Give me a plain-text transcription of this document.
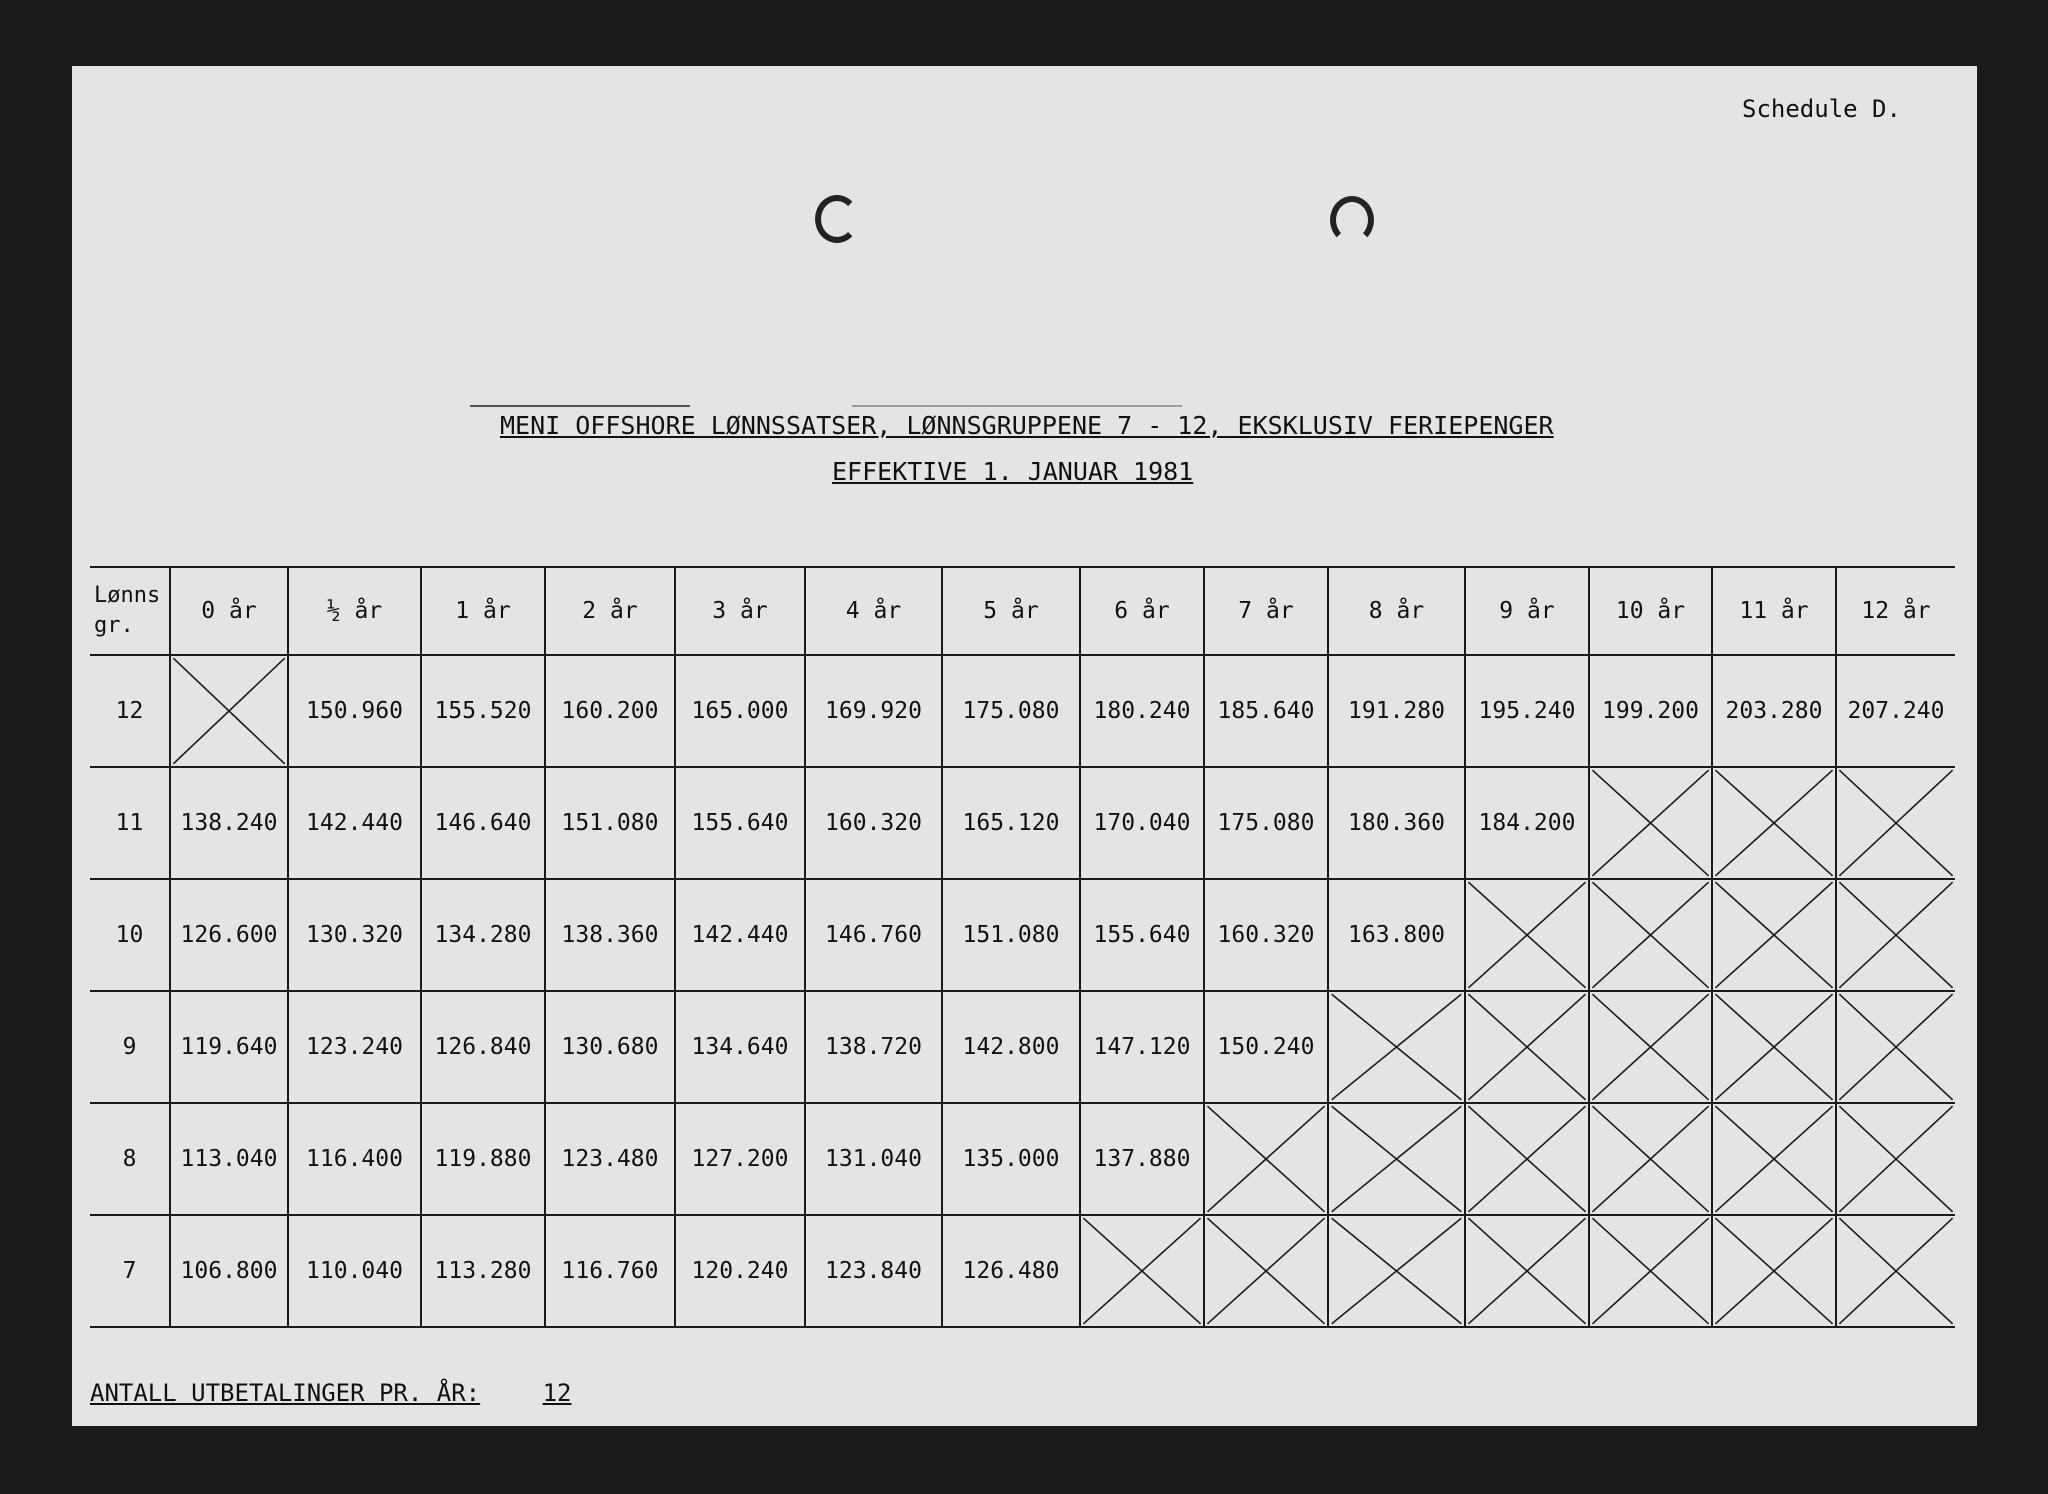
Schedule D.
MENI OFFSHORE LØNNSSATSER, LØNNSGRUPPENE 7 - 12, EKSKLUSIV FERIEPENGER
EFFEKTIVE 1. JANUAR 1981
Lønns
gr.	0 år	½ år	1 år	2 år	3 år	4 år	5 år	6 år	7 år	8 år	9 år	10 år	11 år	12 år
12		150.960	155.520	160.200	165.000	169.920	175.080	180.240	185.640	191.280	195.240	199.200	203.280	207.240
11	138.240	142.440	146.640	151.080	155.640	160.320	165.120	170.040	175.080	180.360	184.200	

10	126.600	130.320	134.280	138.360	142.440	146.760	151.080	155.640	160.320	163.800	

9	119.640	123.240	126.840	130.680	134.640	138.720	142.800	147.120	150.240	

8	113.040	116.400	119.880	123.480	127.200	131.040	135.000	137.880	

7	106.800	110.040	113.280	116.760	120.240	123.840	126.480	

ANTALL UTBETALINGER PR. ÅR:	12
